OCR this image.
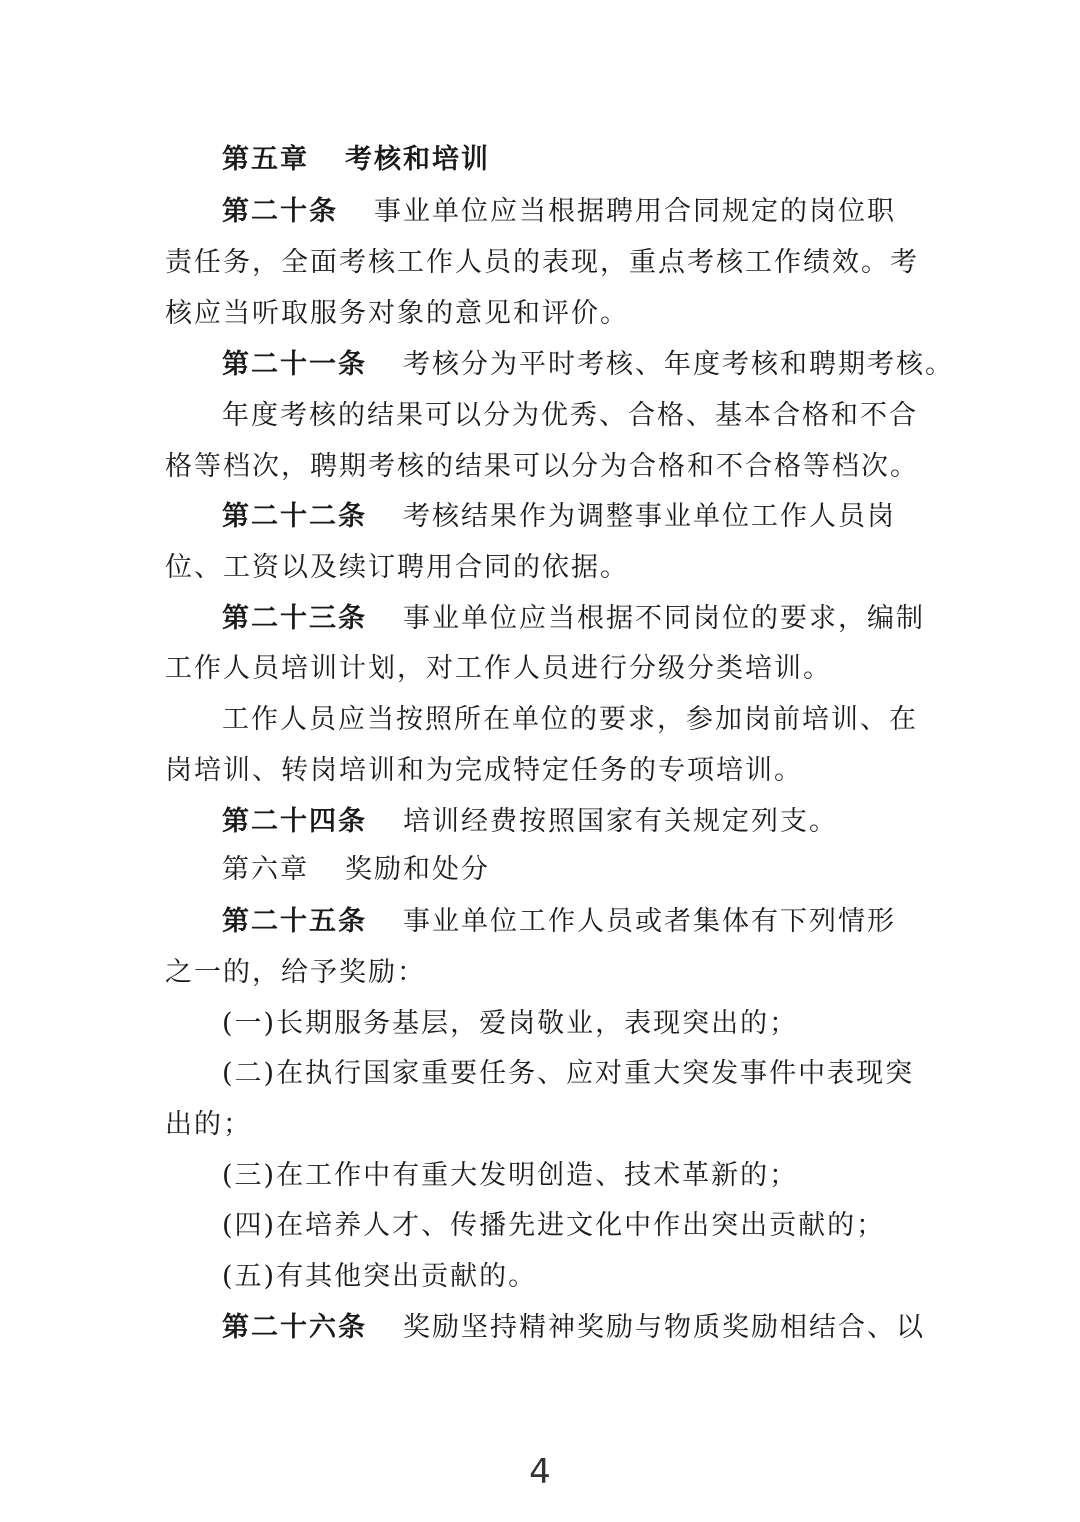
第五章 考核和培训
第二十条 事业单位应当根据聘用合同规定的岗位职
责任务，全面考核工作人员的表现，重点考核工作绩效。考
核应当听取服务对象的意见和评价。
第二十一条 考核分为平时考核、年度考核和聘期考核。
年度考核的结果可以分为优秀、合格、基本合格和不合
格等档次，聘期考核的结果可以分为合格和不合格等档次。
第二十二条 考核结果作为调整事业单位工作人员岗
位、工资以及续订聘用合同的依据。
第二十三条 事业单位应当根据不同岗位的要求，编制
工作人员培训计划，对工作人员进行分级分类培训。
工作人员应当按照所在单位的要求，参加岗前培训、在
岗培训、转岗培训和为完成特定任务的专项培训。
第二十四条 培训经费按照国家有关规定列支。
第六章 奖励和处分
第二十五条 事业单位工作人员或者集体有下列情形
之一的，给予奖励：
(一)长期服务基层，爱岗敬业，表现突出的；
(二)在执行国家重要任务、应对重大突发事件中表现突
出的；
(三)在工作中有重大发明创造、技术革新的；
(四)在培养人才、传播先进文化中作出突出贡献的；
(五)有其他突出贡献的。
第二十六条 奖励坚持精神奖励与物质奖励相结合、以
4
